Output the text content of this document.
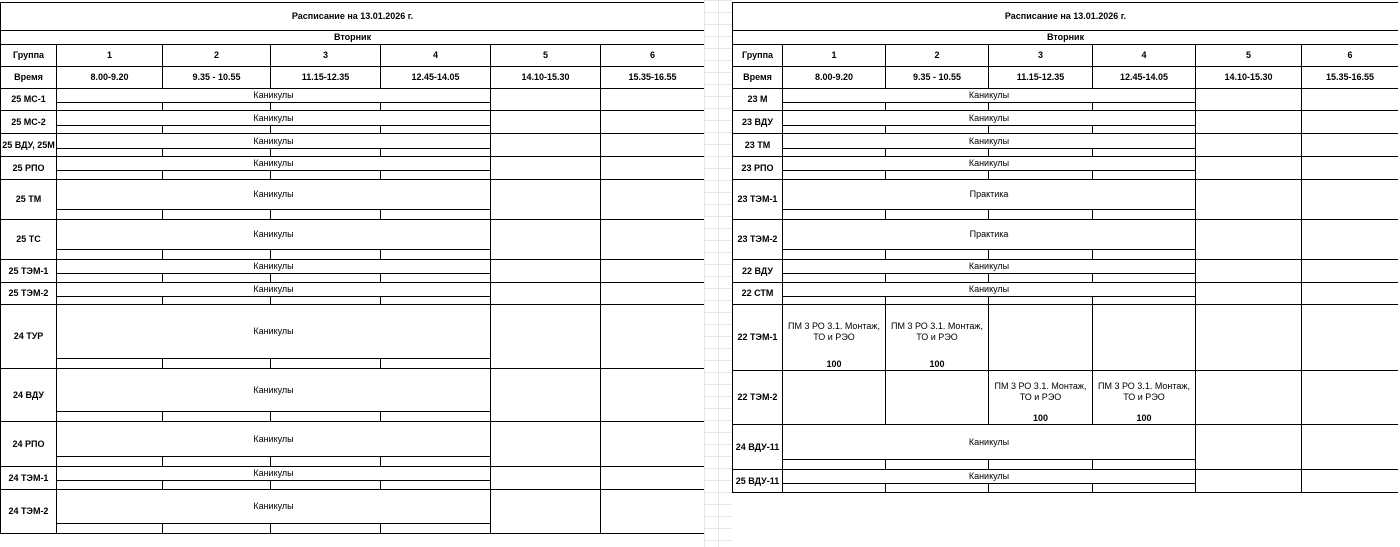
Расписание на 13.01.2026 г.						
Вторник						
Группа	1	2	3	4	5	6
Время	8.00-9.20	9.35 - 10.55	11.15-12.35	12.45-14.05	14.10-15.30	15.35-16.55
25 МС-1	Каникулы					

25 МС-2	Каникулы					

25 ВДУ, 25М	Каникулы					

25 РПО	Каникулы					

25 ТМ	Каникулы					

25 ТС	Каникулы					

25 ТЭМ-1	Каникулы					

25 ТЭМ-2	Каникулы					

24 ТУР	Каникулы					

24 ВДУ	Каникулы					

24 РПО	Каникулы					

24 ТЭМ-1	Каникулы					

24 ТЭМ-2	Каникулы					

Расписание на 13.01.2026 г.						
Вторник						
Группа	1	2	3	4	5	6
Время	8.00-9.20	9.35 - 10.55	11.15-12.35	12.45-14.05	14.10-15.30	15.35-16.55
23 М	Каникулы					

23 ВДУ	Каникулы					

23 ТМ	Каникулы					

23 РПО	Каникулы					

23 ТЭМ-1	Практика					

23 ТЭМ-2	Практика					

22 ВДУ	Каникулы					

22 СТМ	Каникулы					

22 ТЭМ-1	ПМ 3 РО 3.1. Монтаж, ТО и РЭО	ПМ 3 РО 3.1. Монтаж, ТО и РЭО				
	100	100				
22 ТЭМ-2			ПМ 3 РО 3.1. Монтаж, ТО и РЭО	ПМ 3 РО 3.1. Монтаж, ТО и РЭО		
			100	100		
24 ВДУ-11	Каникулы					

25 ВДУ-11	Каникулы					
